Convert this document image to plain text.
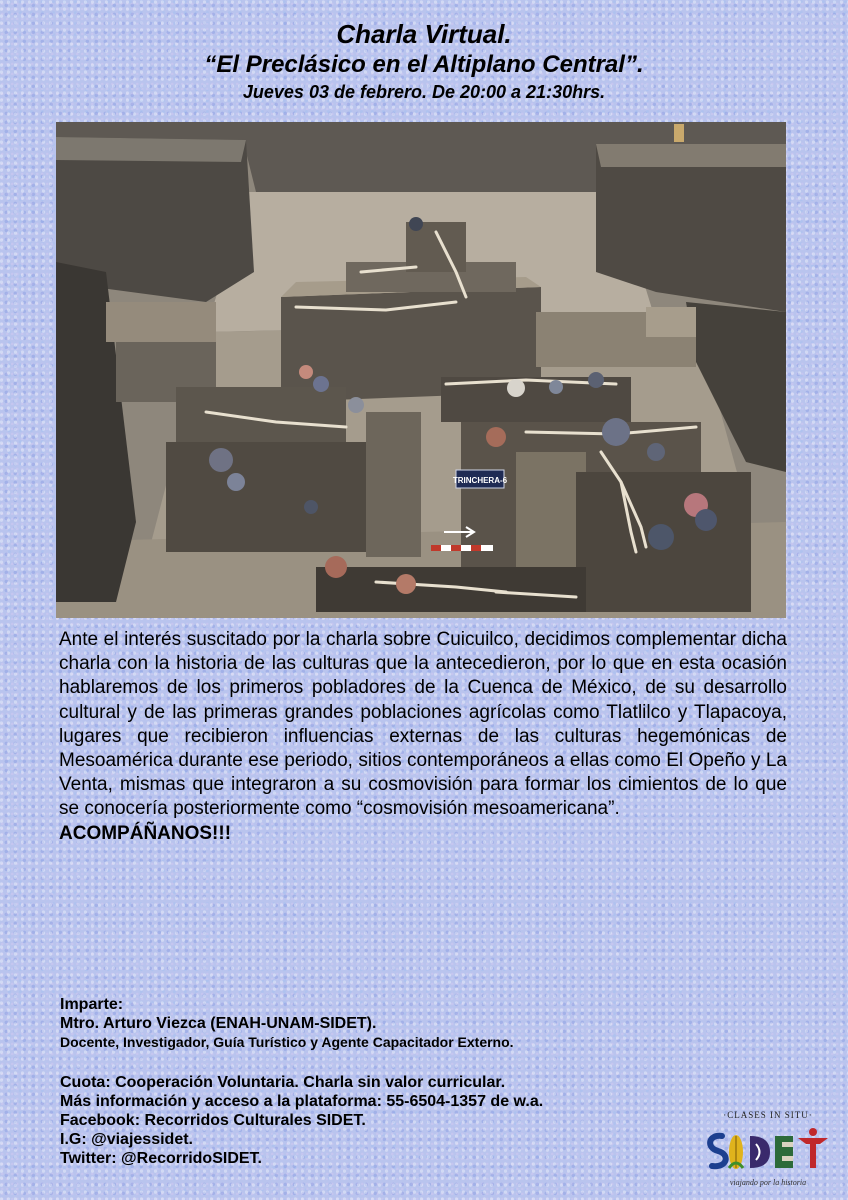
Charla Virtual.
“El Preclásico en el Altiplano Central”.
Jueves 03 de febrero. De 20:00 a 21:30hrs.
TRINCHERA-6
Ante el interés suscitado por la charla sobre Cuicuilco, decidimos complementar dicha charla con la historia de las culturas que la antecedieron, por lo que en esta ocasión hablaremos de los primeros pobladores de la Cuenca de México, de su desarrollo cultural y de las primeras grandes poblaciones agrícolas como Tlatlilco y Tlapacoya, lugares que recibieron influencias externas de las culturas hegemónicas de Mesoamérica durante ese periodo, sitios contemporáneos a ellas como El Opeño y La Venta, mismas que integraron a su cosmovisión para formar los cimientos de lo que se conocería posteriormente como “cosmovisión mesoamericana”.
ACOMPÁÑANOS!!!
Imparte:
Mtro. Arturo Viezca (ENAH-UNAM-SIDET).
Docente, Investigador, Guía Turístico y Agente Capacitador Externo.
Cuota: Cooperación Voluntaria. Charla sin valor curricular.
Más información y acceso a la plataforma: 55-6504-1357 de w.a.
Facebook: Recorridos Culturales SIDET.
I.G: @viajessidet.
Twitter: @RecorridoSIDET.
·CLASES IN SITU·
viajando por la historia
SIDET
